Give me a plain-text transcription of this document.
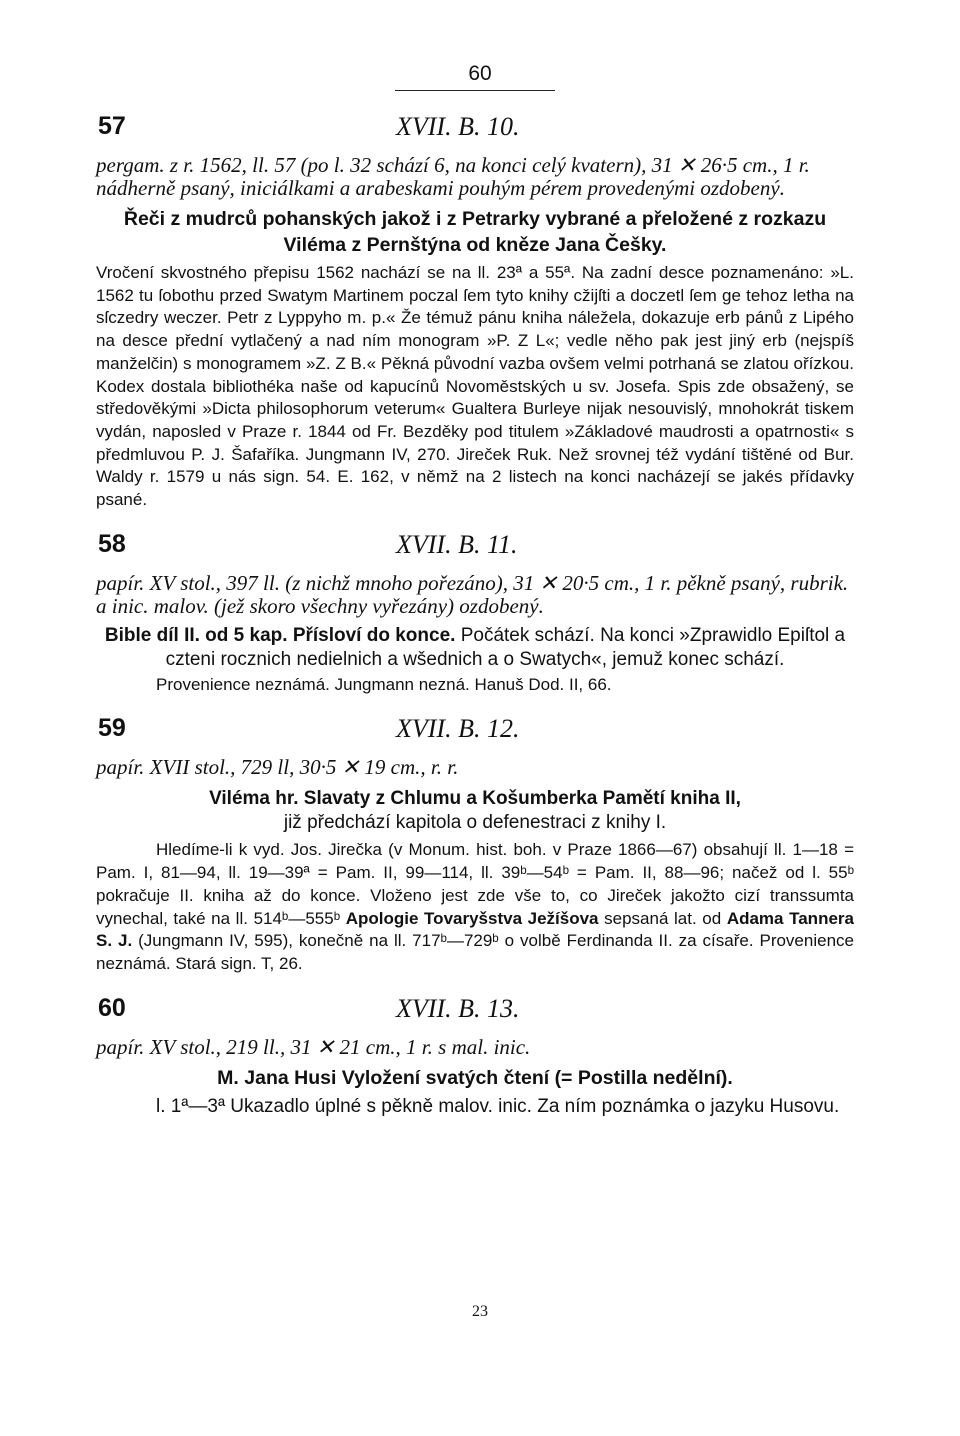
60
57	XVII. B. 10.

pergam. z r. 1562, ll. 57 (po l. 32 schází 6, na konci celý kvatern), 31 ✕ 26·5 cm., 1 r. nádherně psaný, iniciálkami a arabeskami pouhým pérem provedenými ozdobený.

Řeči z mudrců pohanských jakož i z Petrarky vybrané a přeložené z rozkazu Viléma z Pernštýna od kněze Jana Češky.

Vročení skvostného přepisu 1562 nachází se na ll. 23ª a 55ª. Na zadní desce poznamenáno: »L. 1562 tu ſobothu przed Swatym Martinem poczal ſem tyto knihy cžijſti a doczetl ſem ge tehoz letha na sſczedry weczer. Petr z Lyppyho m. p.« Že témuž pánu kniha náležela, dokazuje erb pánů z Lipého na desce přední vytlačený a nad ním monogram »P. Z L«; vedle něho pak jest jiný erb (nejspíš manželčin) s monogramem »Z. Z B.« Pěkná původní vazba ovšem velmi potrhaná se zlatou ořízkou. Kodex dostala bibliothéka naše od kapucínů Novoměstských u sv. Josefa. Spis zde obsažený, se středověkými »Dicta philosophorum veterum« Gualtera Burleye nijak nesouvislý, mnohokrát tiskem vydán, naposled v Praze r. 1844 od Fr. Bezděky pod titulem »Základové maudrosti a opatrnosti« s předmluvou P. J. Šafaříka. Jungmann IV, 270. Jireček Ruk. Než srovnej též vydání tištěné od Bur. Waldy r. 1579 u nás sign. 54. E. 162, v němž na 2 listech na konci nacházejí se jakés přídavky psané.

58	XVII. B. 11.

papír. XV stol., 397 ll. (z nichž mnoho pořezáno), 31 ✕ 20·5 cm., 1 r. pěkně psaný, rubrik. a inic. malov. (jež skoro všechny vyřezány) ozdobený.

Bible díl II. od 5 kap. Přísloví do konce. Počátek schází. Na konci »Zprawidlo Epiſtol a czteni rocznich nedielnich a wšednich a o Swatych«, jemuž konec schází.

Provenience neznámá. Jungmann nezná. Hanuš Dod. II, 66.

59	XVII. B. 12.

papír. XVII stol., 729 ll, 30·5 ✕ 19 cm., r. r.

Viléma hr. Slavaty z Chlumu a Košumberka Pamětí kniha II,
již předchází kapitola o defenestraci z knihy I.

Hledíme-li k vyd. Jos. Jirečka (v Monum. hist. boh. v Praze 1866—67) obsahují ll. 1—18 = Pam. I, 81—94, ll. 19—39ª = Pam. II, 99—114, ll. 39ᵇ—54ᵇ = Pam. II, 88—96; načež od l. 55ᵇ pokračuje II. kniha až do konce. Vloženo jest zde vše to, co Jireček jakožto cizí transsumta vynechal, také na ll. 514ᵇ—555ᵇ Apologie Tovaryšstva Ježíšova sepsaná lat. od Adama Tannera S. J. (Jungmann IV, 595), konečně na ll. 717ᵇ—729ᵇ o volbě Ferdinanda II. za císaře. Provenience neznámá. Stará sign. T, 26.

60	XVII. B. 13.

papír. XV stol., 219 ll., 31 ✕ 21 cm., 1 r. s mal. inic.

M. Jana Husi Vyložení svatých čtení (= Postilla nedělní).

l. 1ª—3ª Ukazadlo úplné s pěkně malov. inic. Za ním poznámka o jazyku Husovu.

23
